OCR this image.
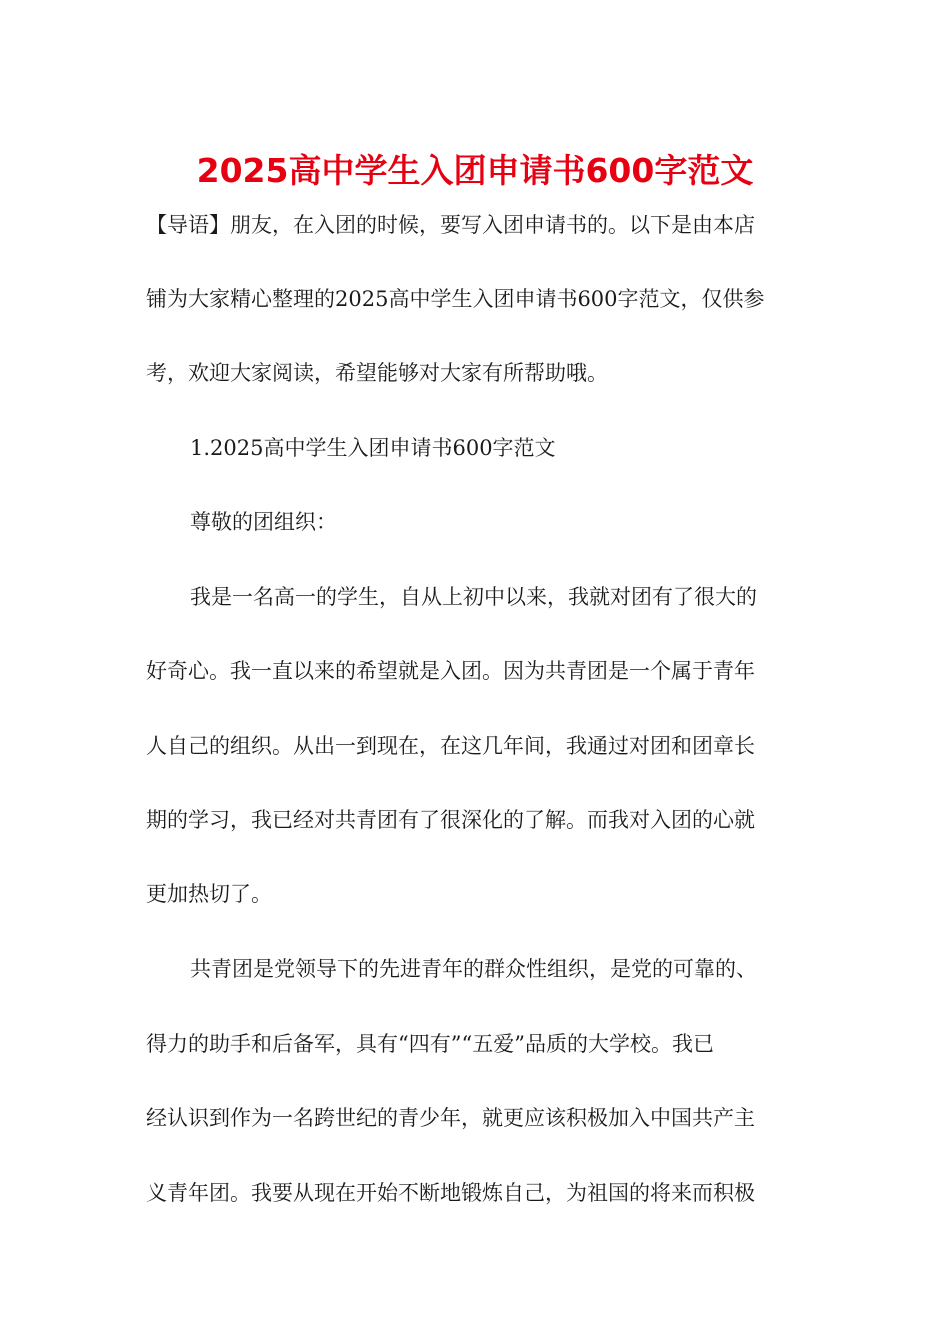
2025高中学生入团申请书600字范文
【导语】朋友，在入团的时候，要写入团申请书的。以下是由本店
铺为大家精心整理的2025高中学生入团申请书600字范文，仅供参
考，欢迎大家阅读，希望能够对大家有所帮助哦。
1.2025高中学生入团申请书600字范文
尊敬的团组织：
我是一名高一的学生，自从上初中以来，我就对团有了很大的
好奇心。我一直以来的希望就是入团。因为共青团是一个属于青年
人自己的组织。从出一到现在，在这几年间，我通过对团和团章长
期的学习，我已经对共青团有了很深化的了解。而我对入团的心就
更加热切了。
共青团是党领导下的先进青年的群众性组织，是党的可靠的、
得力的助手和后备军，具有“四有”“五爱”品质的大学校。我已
经认识到作为一名跨世纪的青少年，就更应该积极加入中国共产主
义青年团。我要从现在开始不断地锻炼自己，为祖国的将来而积极
